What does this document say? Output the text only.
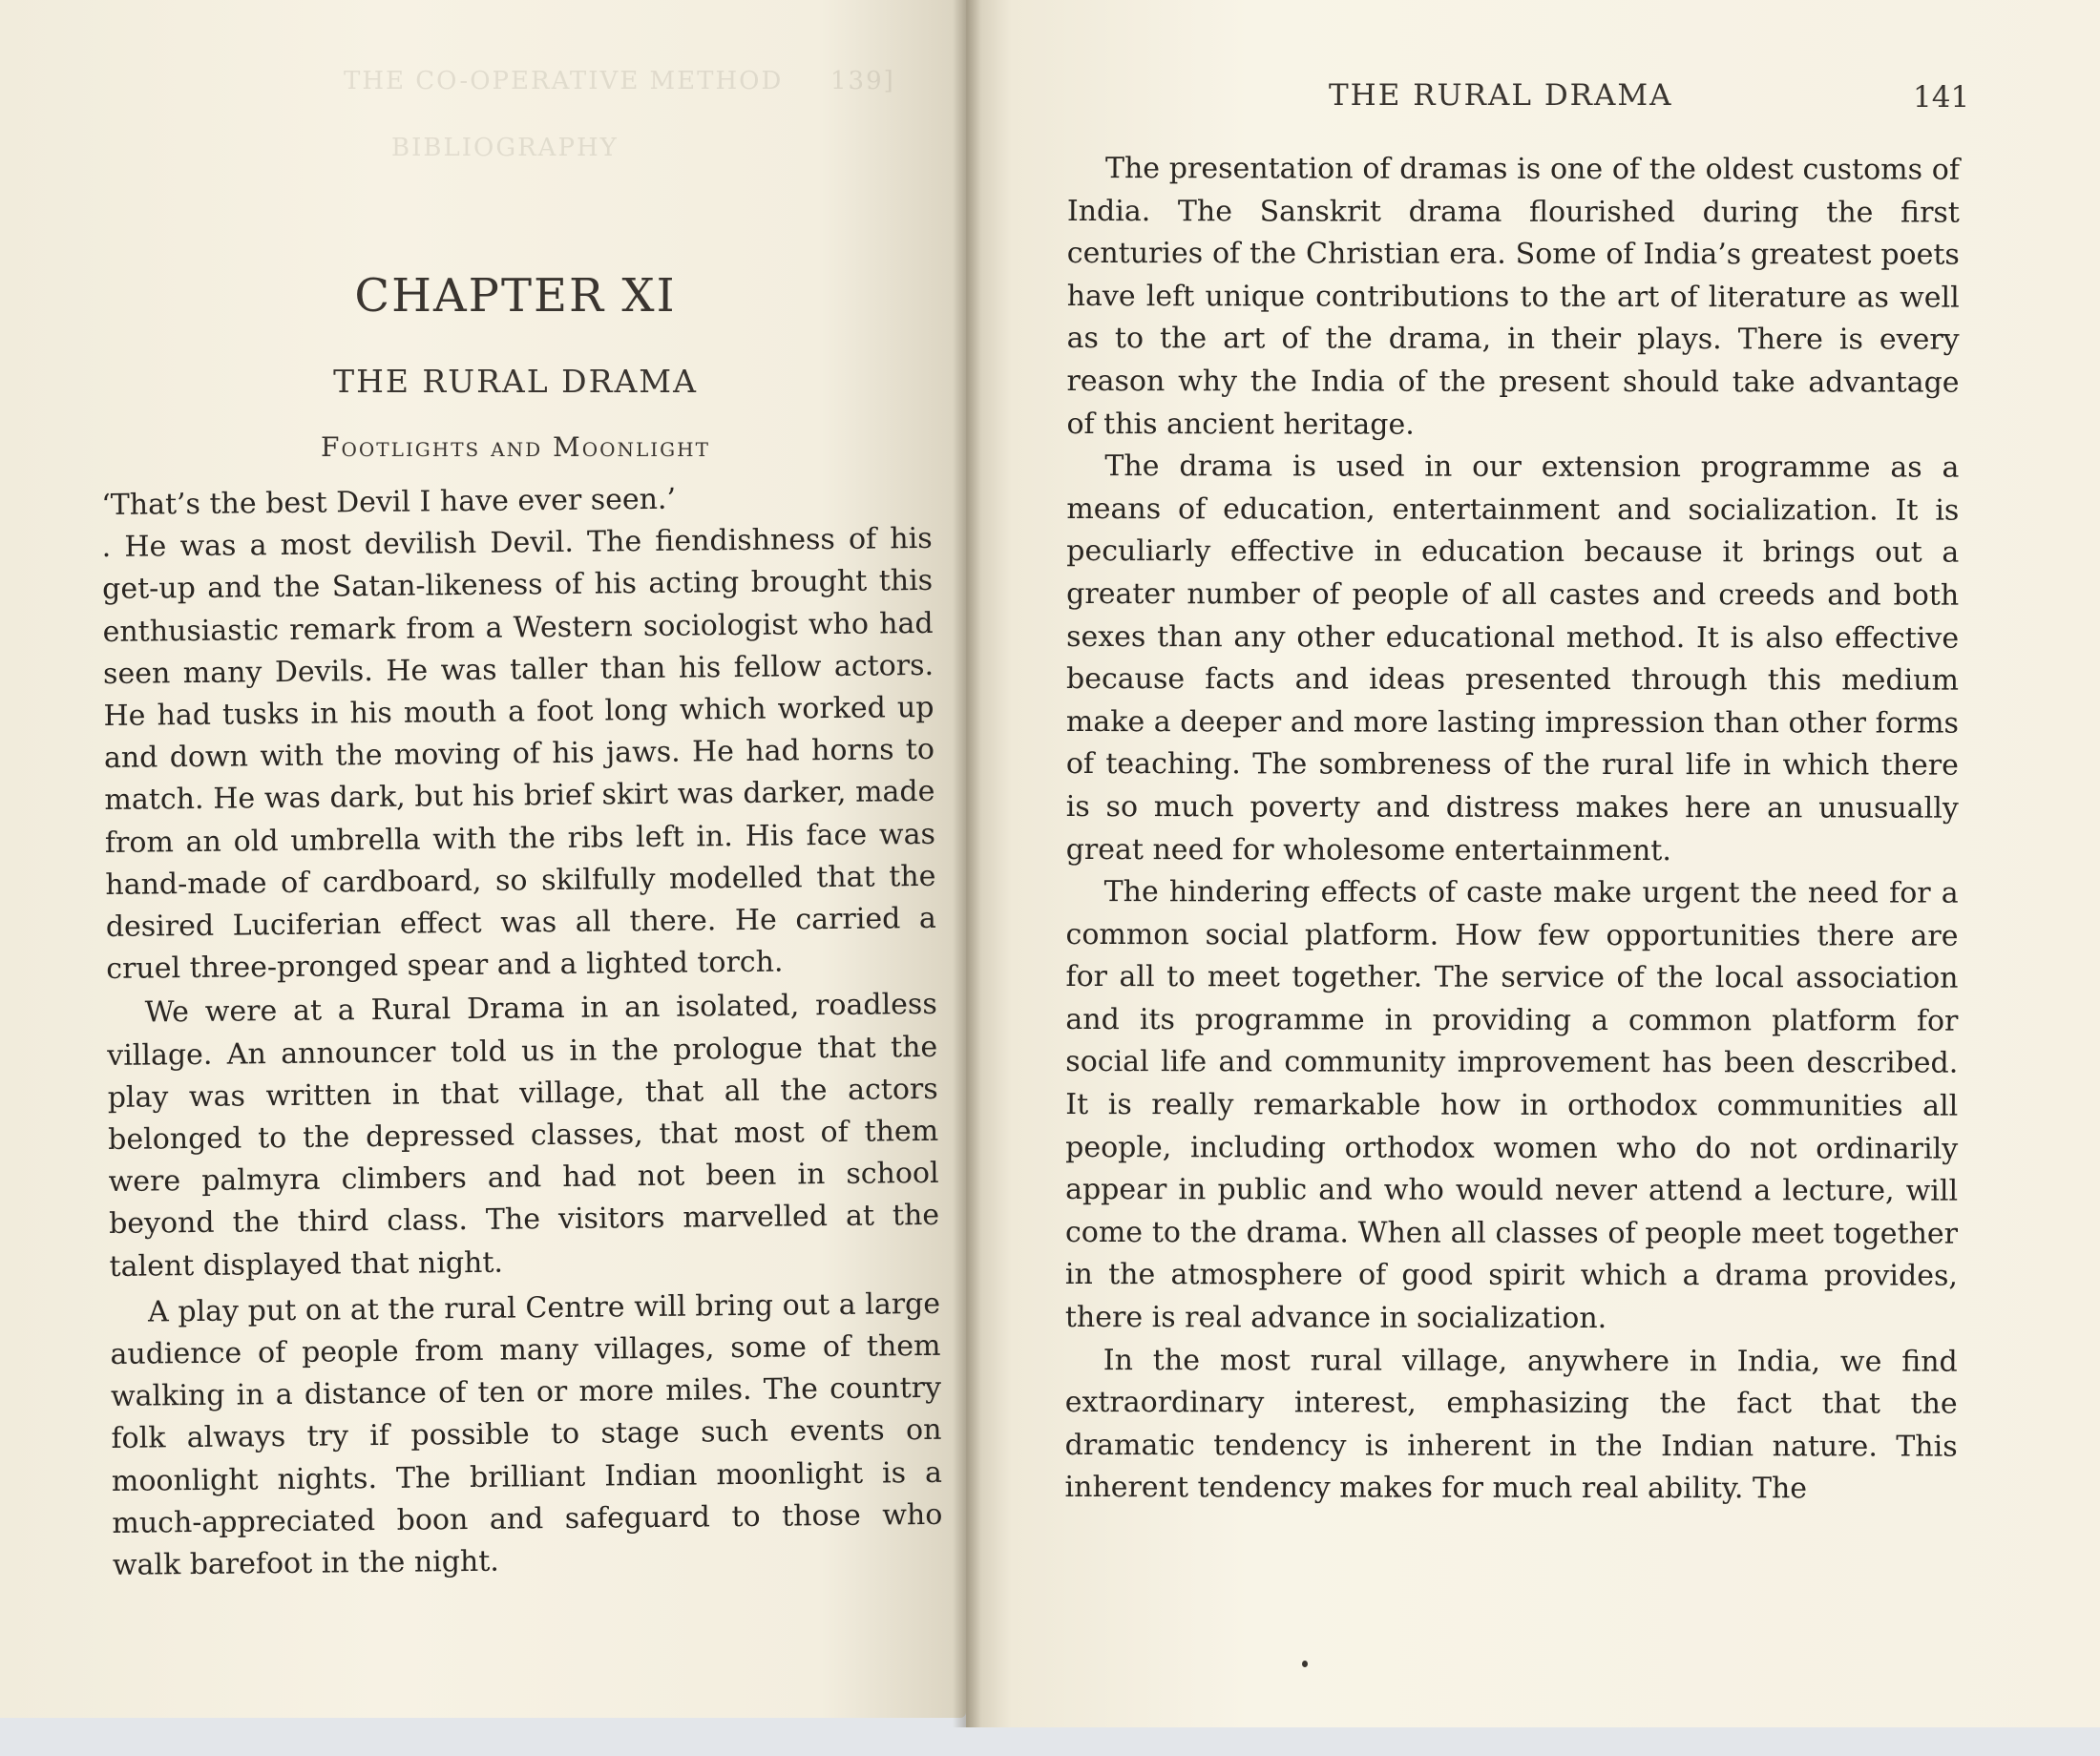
THE CO-OPERATIVE METHOD 139]
BIBLIOGRAPHY
CHAPTER XI
THE RURAL DRAMA
Footlights and Moonlight

‘That’s the best Devil I have ever seen.’

. He was a most devilish Devil. The fiendishness of his get-up and the Satan-likeness of his acting brought this enthusiastic remark from a Western sociologist who had seen many Devils. He was taller than his fellow actors. He had tusks in his mouth a foot long which worked up and down with the moving of his jaws. He had horns to match. He was dark, but his brief skirt was darker, made from an old umbrella with the ribs left in. His face was hand-made of cardboard, so skilfully modelled that the desired Luciferian effect was all there. He carried a cruel three-pronged spear and a lighted torch.

We were at a Rural Drama in an isolated, roadless village. An announcer told us in the prologue that the play was written in that village, that all the actors belonged to the depressed classes, that most of them were palmyra climbers and had not been in school beyond the third class. The visitors marvelled at the talent displayed that night.

A play put on at the rural Centre will bring out a large audience of people from many villages, some of them walking in a distance of ten or more miles. The country folk always try if possible to stage such events on moonlight nights. The brilliant Indian moonlight is a much-appreciated boon and safeguard to those who walk barefoot in the night.

THE RURAL DRAMA	141

The presentation of dramas is one of the oldest customs of India. The Sanskrit drama flourished during the first centuries of the Christian era. Some of India’s greatest poets have left unique contributions to the art of literature as well as to the art of the drama, in their plays. There is every reason why the India of the present should take advantage of this ancient heritage.

The drama is used in our extension programme as a means of education, entertainment and socialization. It is peculiarly effective in education because it brings out a greater number of people of all castes and creeds and both sexes than any other educational method. It is also effective because facts and ideas presented through this medium make a deeper and more lasting impression than other forms of teaching. The sombreness of the rural life in which there is so much poverty and distress makes here an unusually great need for wholesome entertainment.

The hindering effects of caste make urgent the need for a common social platform. How few opportunities there are for all to meet together. The service of the local association and its programme in providing a common platform for social life and community improvement has been described. It is really remarkable how in orthodox communities all people, including orthodox women who do not ordinarily appear in public and who would never attend a lecture, will come to the drama. When all classes of people meet together in the atmosphere of good spirit which a drama provides, there is real advance in socialization.

In the most rural village, anywhere in India, we find extraordinary interest, emphasizing the fact that the dramatic tendency is inherent in the Indian nature. This inherent tendency makes for much real ability. The
